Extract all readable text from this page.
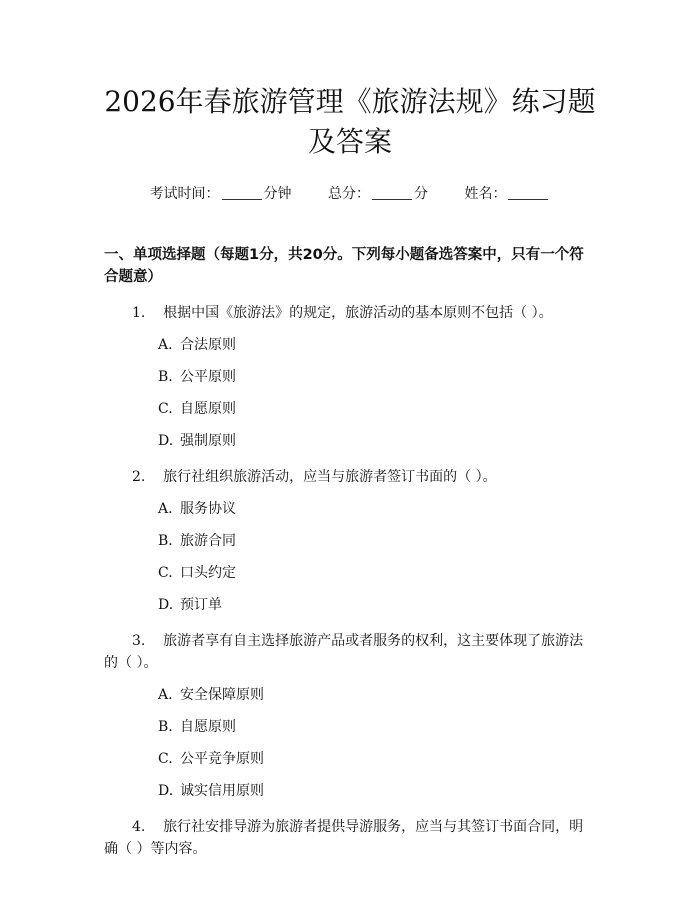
2026年春旅游管理《旅游法规》练习题及答案
考试时间：	分钟	总分：	分	姓名：
一、单项选择题（每题1分，共20分。下列每小题备选答案中，只有一个符合题意）
1. 根据中国《旅游法》的规定，旅游活动的基本原则不包括（ ）。
A. 合法原则
B. 公平原则
C. 自愿原则
D. 强制原则
2. 旅行社组织旅游活动，应当与旅游者签订书面的（ ）。
A. 服务协议
B. 旅游合同
C. 口头约定
D. 预订单
3. 旅游者享有自主选择旅游产品或者服务的权利，这主要体现了旅游法的（ ）。
A. 安全保障原则
B. 自愿原则
C. 公平竞争原则
D. 诚实信用原则
4. 旅行社安排导游为旅游者提供导游服务，应当与其签订书面合同，明确（ ）等内容。
